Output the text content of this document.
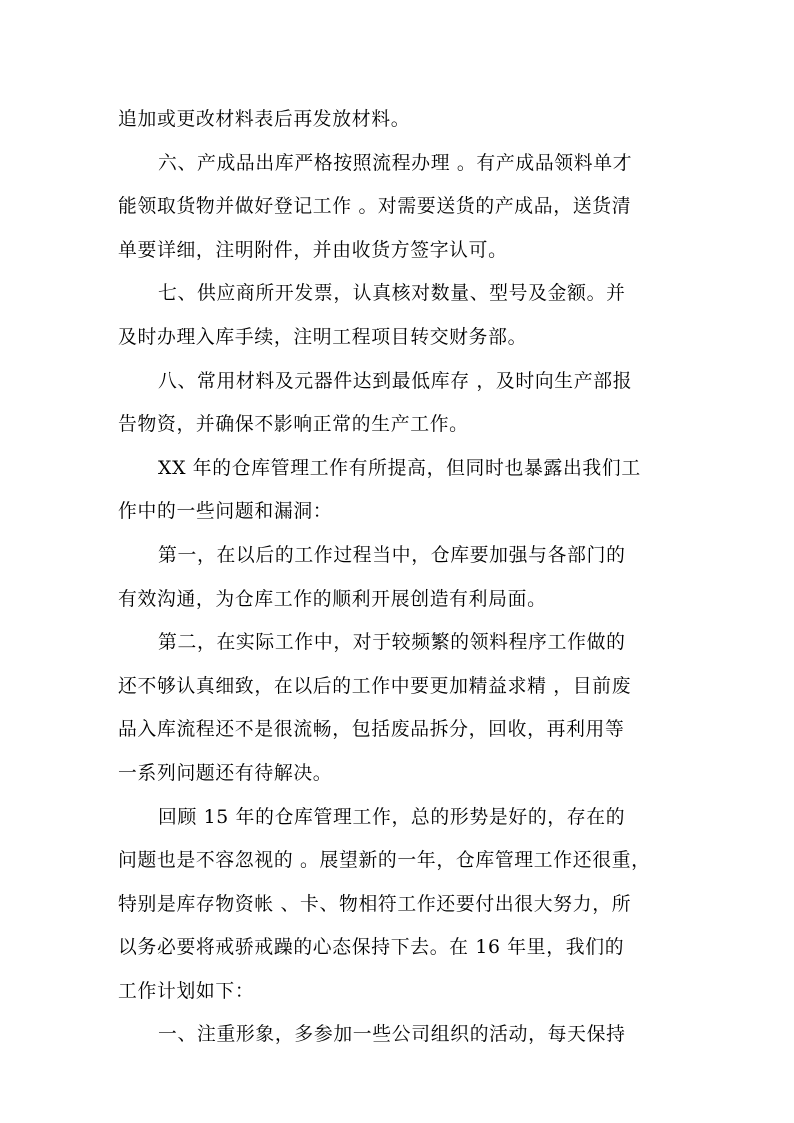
追加或更改材料表后再发放材料。
六、产成品出库严格按照流程办理 。有产成品领料单才
能领取货物并做好登记工作 。对需要送货的产成品，送货清
单要详细，注明附件，并由收货方签字认可。
七、供应商所开发票，认真核对数量、型号及金额。并
及时办理入库手续，注明工程项目转交财务部。
八、常用材料及元器件达到最低库存 ，及时向生产部报
告物资，并确保不影响正常的生产工作。
XX 年的仓库管理工作有所提高，但同时也暴露出我们工
作中的一些问题和漏洞：
第一，在以后的工作过程当中，仓库要加强与各部门的
有效沟通，为仓库工作的顺利开展创造有利局面。
第二，在实际工作中，对于较频繁的领料程序工作做的
还不够认真细致，在以后的工作中要更加精益求精 ，目前废
品入库流程还不是很流畅，包括废品拆分，回收，再利用等
一系列问题还有待解决。
回顾 15 年的仓库管理工作，总的形势是好的，存在的
问题也是不容忽视的 。展望新的一年，仓库管理工作还很重，
特别是库存物资帐 、卡、物相符工作还要付出很大努力，所
以务必要将戒骄戒躁的心态保持下去。在 16 年里，我们的
工作计划如下：
一、注重形象，多参加一些公司组织的活动，每天保持
